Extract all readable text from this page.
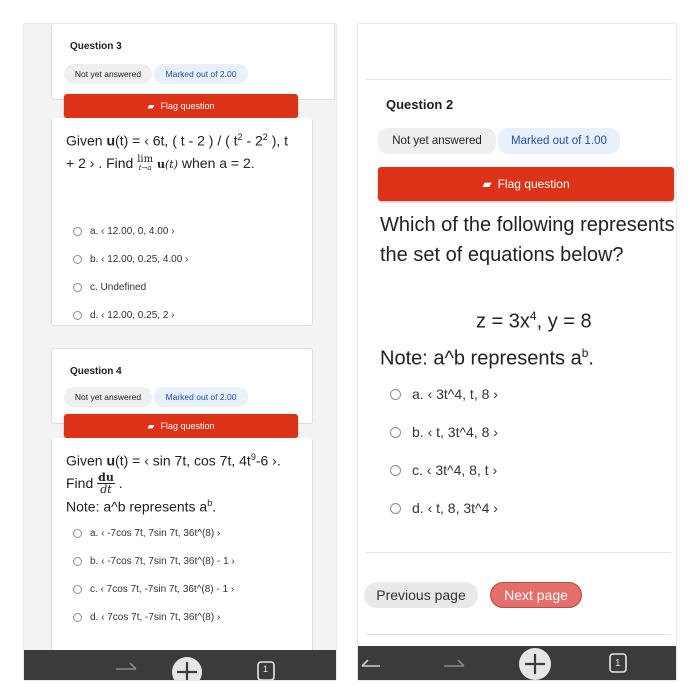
Question 3
Not yet answered	Marked out of 2.00
▰ Flag question
Given u(t) = ‹ 6t, ( t - 2 ) / ( $t^2 - 2^2$ ), t + 2 › . Find lim
t→a u(t) when a = 2.
a. ‹ 12.00, 0, 4.00 ›
b. ‹ 12.00, 0.25, 4.00 ›
c. Undefined
d. ‹ 12.00, 0.25, 2 ›
Question 4
Not yet answered	Marked out of 2.00
▰ Flag question
Given u(t) = ‹ sin 7t, cos 7t, $4t^9-6$ ›. Find $\frac{du}{dt}$ .
Note: a^b represents $a^b$.
a. ‹ -7cos 7t, 7sin 7t, 36t^(8) ›
b. ‹ -7cos 7t, 7sin 7t, 36t^(8) - 1 ›
c. ‹ 7cos 7t, -7sin 7t, 36t^(8) - 1 ›
d. ‹ 7cos 7t, -7sin 7t, 36t^(8) ›
1
Question 2
Not yet answered	Marked out of 1.00
▰ Flag question
Which of the following represents the set of equations below?
$z = 3x^4$, y = 8
Note: a^b represents $a^b$.
a. ‹ 3t^4, t, 8 ›
b. ‹ t, 3t^4, 8 ›
c. ‹ 3t^4, 8, t ›
d. ‹ t, 8, 3t^4 ›
Previous page	Next page
1
